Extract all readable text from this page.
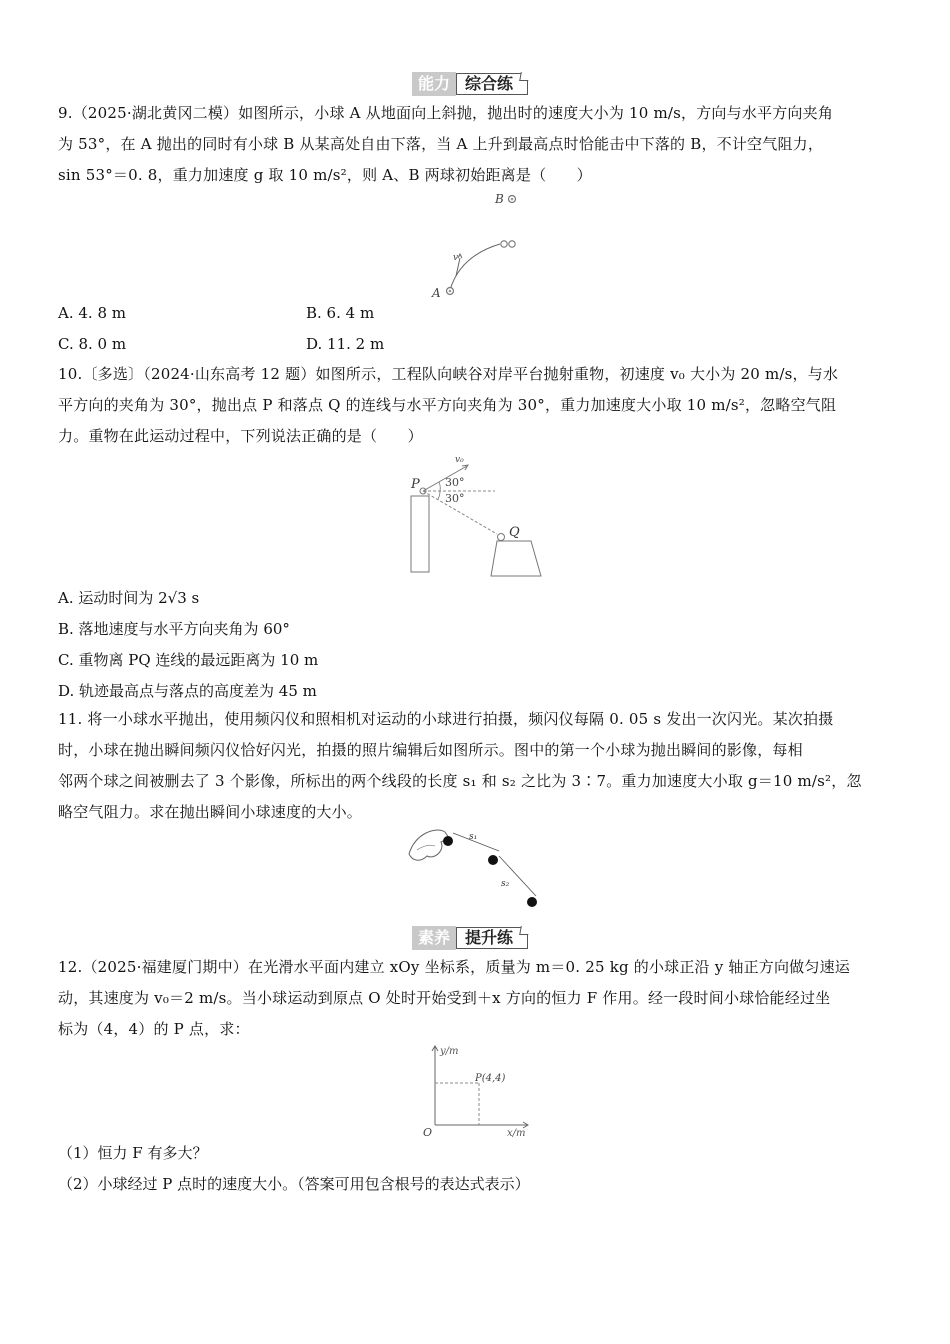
能力 综合练
9.（2025·湖北黄冈二模）如图所示，小球 A 从地面向上斜抛，抛出时的速度大小为 10 m/s，方向与水平方向夹角
为 53°，在 A 抛出的同时有小球 B 从某高处自由下落，当 A 上升到最高点时恰能击中下落的 B，不计空气阻力，
sin 53°＝0. 8，重力加速度 g 取 10 m/s²，则 A、B 两球初始距离是（　　）
B
v
A
A. 4. 8 m	B. 6. 4 m
C. 8. 0 m	D. 11. 2 m
10.〔多选〕（2024·山东高考 12 题）如图所示，工程队向峡谷对岸平台抛射重物，初速度 v₀ 大小为 20 m/s，与水
平方向的夹角为 30°，抛出点 P 和落点 Q 的连线与水平方向夹角为 30°，重力加速度大小取 10 m/s²，忽略空气阻
力。重物在此运动过程中，下列说法正确的是（　　）
P
v₀
30°
30°
Q
A. 运动时间为 2√3 s
B. 落地速度与水平方向夹角为 60°
C. 重物离 PQ 连线的最远距离为 10 m
D. 轨迹最高点与落点的高度差为 45 m
11. 将一小球水平抛出，使用频闪仪和照相机对运动的小球进行拍摄，频闪仪每隔 0. 05 s 发出一次闪光。某次拍摄
时，小球在抛出瞬间频闪仪恰好闪光，拍摄的照片编辑后如图所示。图中的第一个小球为抛出瞬间的影像，每相
邻两个球之间被删去了 3 个影像，所标出的两个线段的长度 s₁ 和 s₂ 之比为 3∶7。重力加速度大小取 g＝10 m/s²，忽
略空气阻力。求在抛出瞬间小球速度的大小。
s₁
s₂
素养 提升练
12.（2025·福建厦门期中）在光滑水平面内建立 xOy 坐标系，质量为 m＝0. 25 kg 的小球正沿 y 轴正方向做匀速运
动，其速度为 v₀＝2 m/s。当小球运动到原点 O 处时开始受到＋x 方向的恒力 F 作用。经一段时间小球恰能经过坐
标为（4，4）的 P 点，求：
y/m
x/m
O
P(4,4)
（1）恒力 F 有多大？
（2）小球经过 P 点时的速度大小。（答案可用包含根号的表达式表示）
